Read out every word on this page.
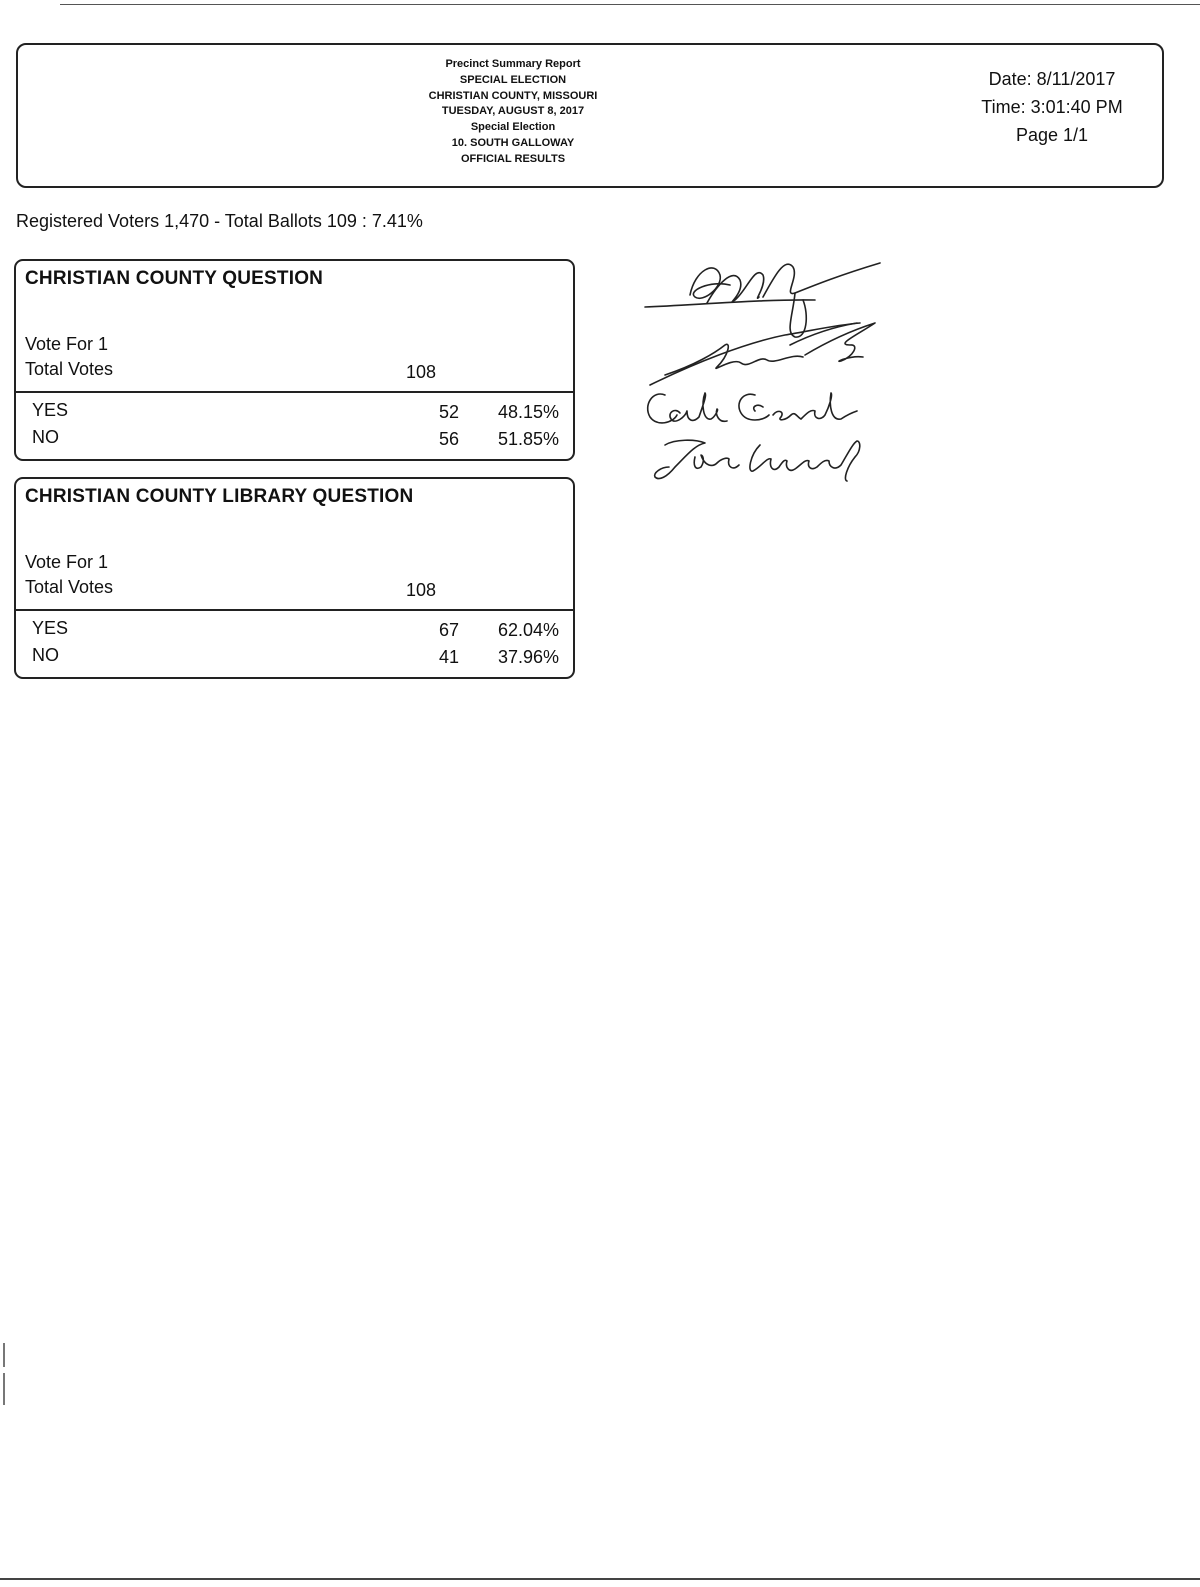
Precinct Summary Report
SPECIAL ELECTION
CHRISTIAN COUNTY, MISSOURI
TUESDAY, AUGUST 8, 2017
Special Election
10. SOUTH GALLOWAY
OFFICIAL RESULTS
Date: 8/11/2017
Time: 3:01:40 PM
Page 1/1
Registered Voters 1,470 - Total Ballots 109 : 7.41%
CHRISTIAN COUNTY QUESTION
Vote For 1
Total Votes	108
YES	52	48.15%
NO	56	51.85%
CHRISTIAN COUNTY LIBRARY QUESTION
Vote For 1
Total Votes	108
YES	67	62.04%
NO	41	37.96%
